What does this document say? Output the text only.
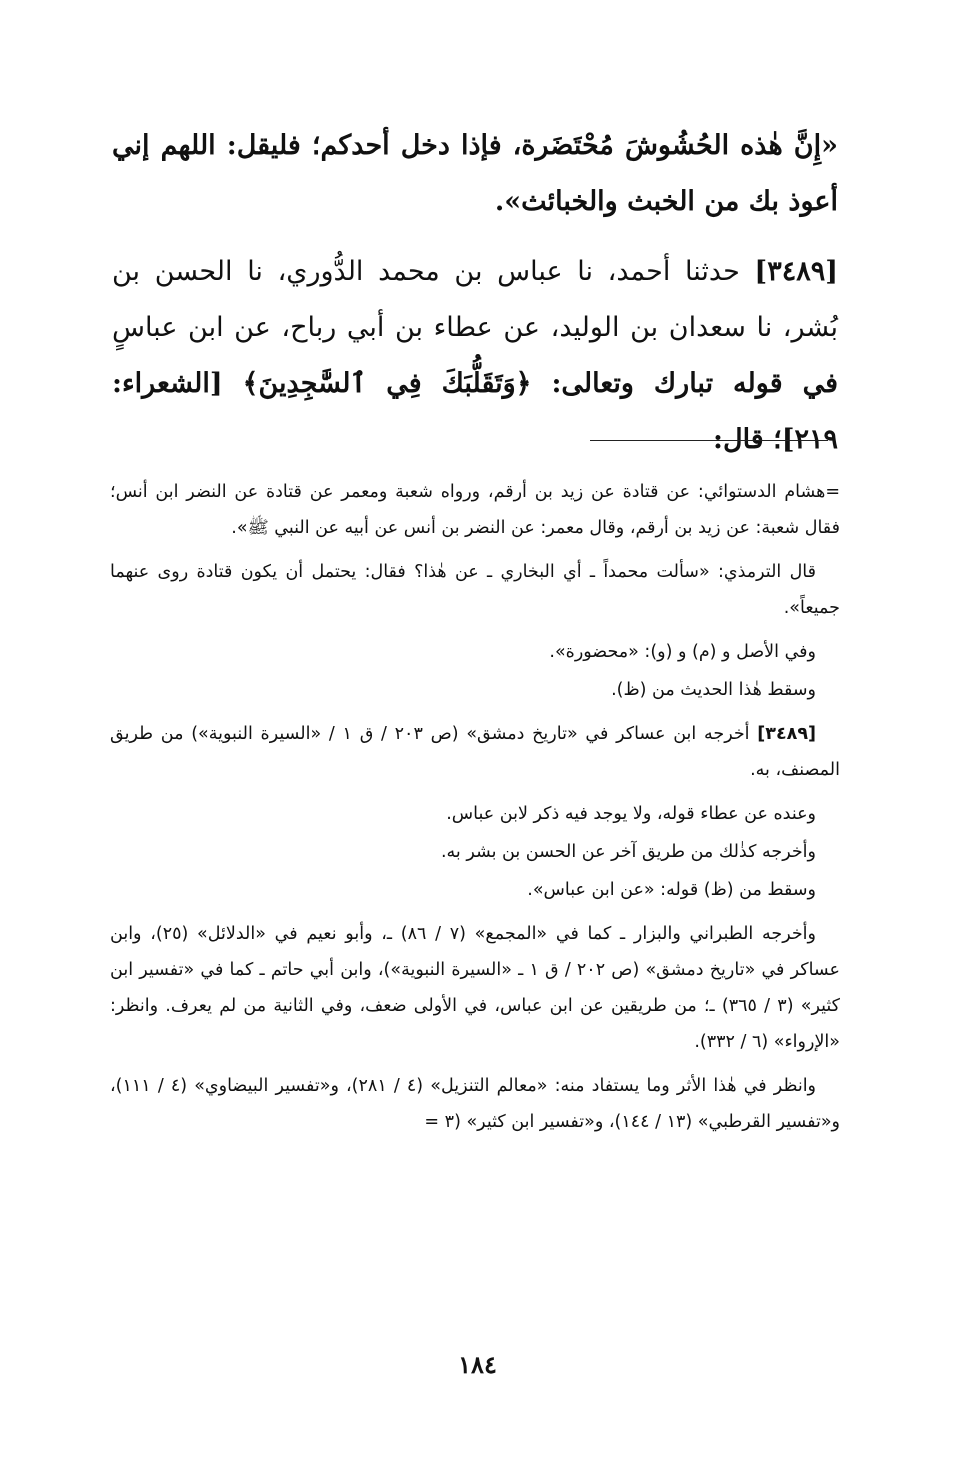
«إِنَّ هٰذه الحُشُوشَ مُحْتَضَرة، فإذا دخل أحدكم؛ فليقل: اللهم إني أعوذ بك من الخبث والخبائث».

[٣٤٨٩] حدثنا أحمد، نا عباس بن محمد الدُّوري، نا الحسن بن بُشر، نا سعدان بن الوليد، عن عطاء بن أبي رباح، عن ابن عباسٍ في قوله تبارك وتعالى: ﴿وَتَقَلُّبَكَ فِي ٱلسَّٰجِدِينَ﴾ [الشعراء: ٢١٩]؛ قال:

=هشام الدستوائي: عن قتادة عن زيد بن أرقم، ورواه شعبة ومعمر عن قتادة عن النضر ابن أنس؛ فقال شعبة: عن زيد بن أرقم، وقال معمر: عن النضر بن أنس عن أبيه عن النبي ﷺ».

قال الترمذي: «سألت محمداً ـ أي البخاري ـ عن هٰذا؟ فقال: يحتمل أن يكون قتادة روى عنهما جميعاً».

وفي الأصل و (م) و (و): «محضورة».

وسقط هٰذا الحديث من (ظ).

[٣٤٨٩] أخرجه ابن عساكر في «تاريخ دمشق» (ص ٢٠٣ / ق ١ / «السيرة النبوية») من طريق المصنف، به.

وعنده عن عطاء قوله، ولا يوجد فيه ذكر لابن عباس.

وأخرجه كذٰلك من طريق آخر عن الحسن بن بشر به.

وسقط من (ظ) قوله: «عن ابن عباس».

وأخرجه الطبراني والبزار ـ كما في «المجمع» (٧ / ٨٦) ـ، وأبو نعيم في «الدلائل» (٢٥)، وابن عساكر في «تاريخ دمشق» (ص ٢٠٢ / ق ١ ـ «السيرة النبوية»)، وابن أبي حاتم ـ كما في «تفسير ابن كثير» (٣ / ٣٦٥) ـ؛ من طريقين عن ابن عباس، في الأولى ضعف، وفي الثانية من لم يعرف. وانظر: «الإرواء» (٦ / ٣٣٢).

وانظر في هٰذا الأثر وما يستفاد منه: «معالم التنزيل» (٤ / ٢٨١)، و«تفسير البيضاوي» (٤ / ١١١)، و«تفسير القرطبي» (١٣ / ١٤٤)، و«تفسير ابن كثير» (٣ =

١٨٤
